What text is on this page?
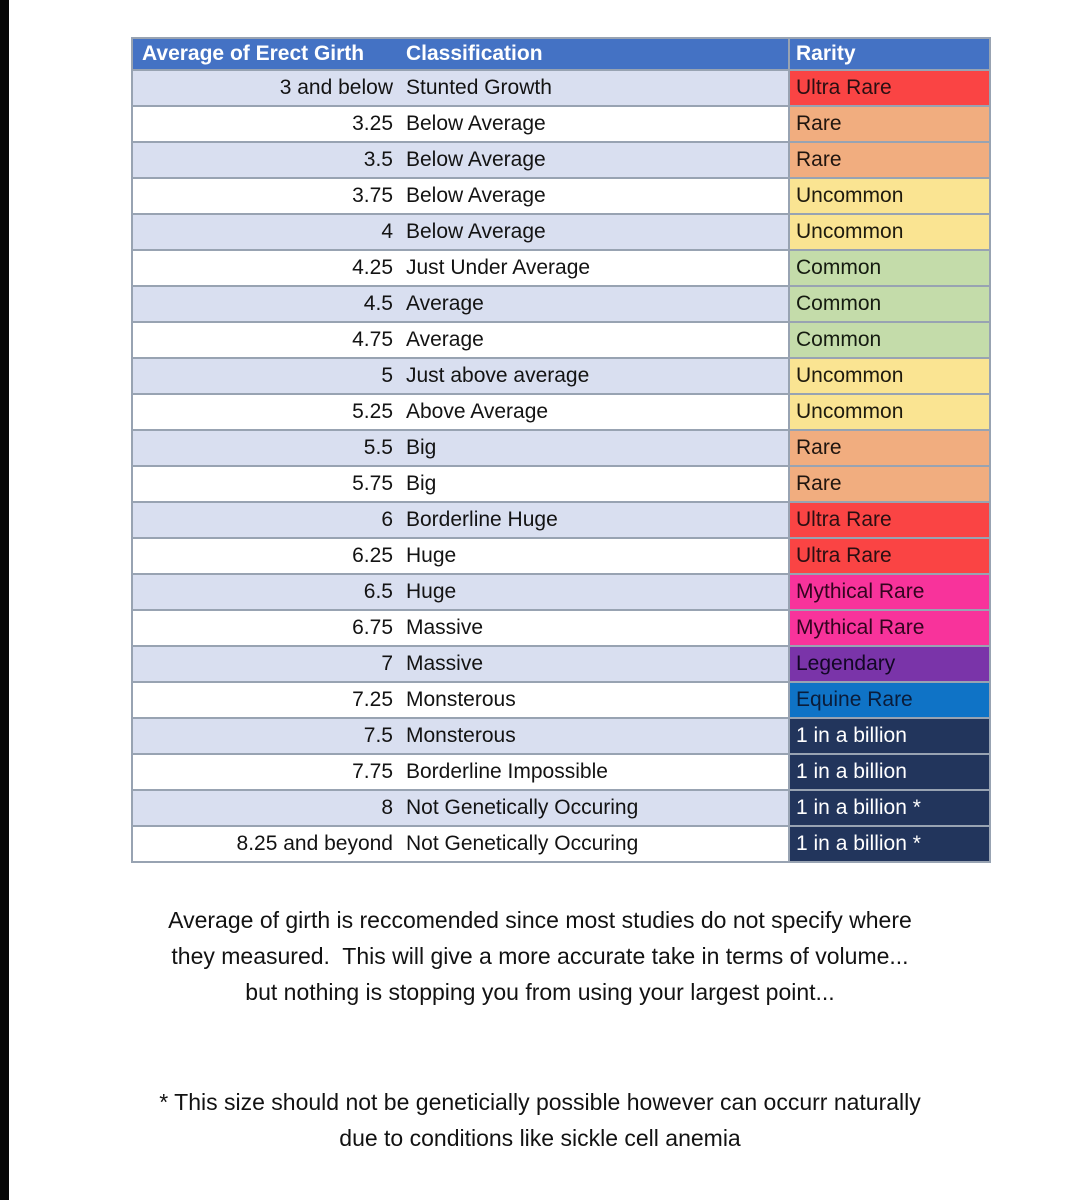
Average of Erect Girth	Classification	Rarity
3 and below	Stunted Growth	Ultra Rare
3.25	Below Average	Rare
3.5	Below Average	Rare
3.75	Below Average	Uncommon
4	Below Average	Uncommon
4.25	Just Under Average	Common
4.5	Average	Common
4.75	Average	Common
5	Just above average	Uncommon
5.25	Above Average	Uncommon
5.5	Big	Rare
5.75	Big	Rare
6	Borderline Huge	Ultra Rare
6.25	Huge	Ultra Rare
6.5	Huge	Mythical Rare
6.75	Massive	Mythical Rare
7	Massive	Legendary
7.25	Monsterous	Equine Rare
7.5	Monsterous	1 in a billion
7.75	Borderline Impossible	1 in a billion
8	Not Genetically Occuring	1 in a billion *
8.25 and beyond	Not Genetically Occuring	1 in a billion *
Average of girth is reccomended since most studies do not specify where
they measured.  This will give a more accurate take in terms of volume...
but nothing is stopping you from using your largest point...
* This size should not be geneticially possible however can occurr naturally
due to conditions like sickle cell anemia
